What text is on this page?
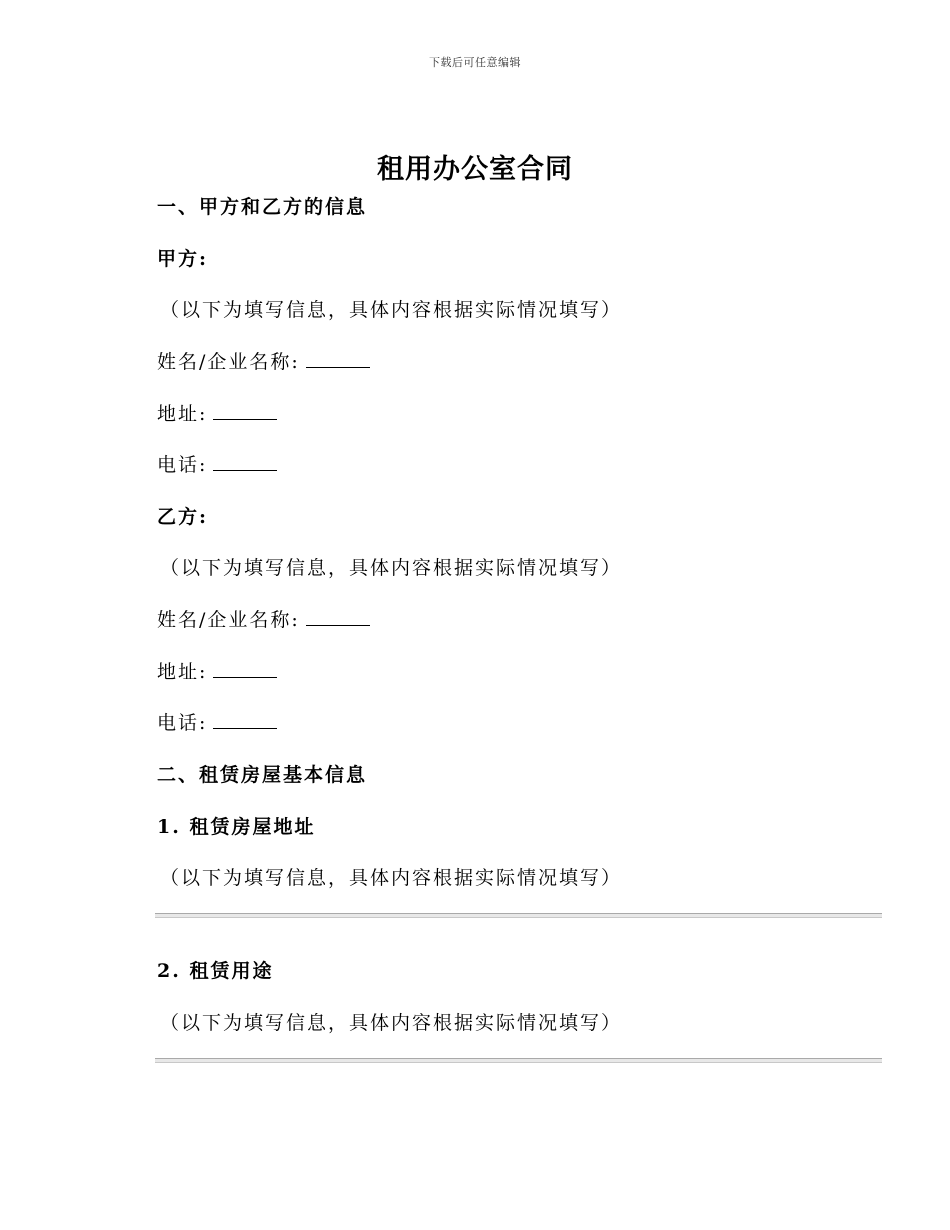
下载后可任意编辑
租用办公室合同
一、甲方和乙方的信息
甲方:
（以下为填写信息，具体内容根据实际情况填写）
姓名/企业名称:
地址:
电话:
乙方:
（以下为填写信息，具体内容根据实际情况填写）
姓名/企业名称:
地址:
电话:
二、租赁房屋基本信息
1. 租赁房屋地址
（以下为填写信息，具体内容根据实际情况填写）
2. 租赁用途
（以下为填写信息，具体内容根据实际情况填写）
